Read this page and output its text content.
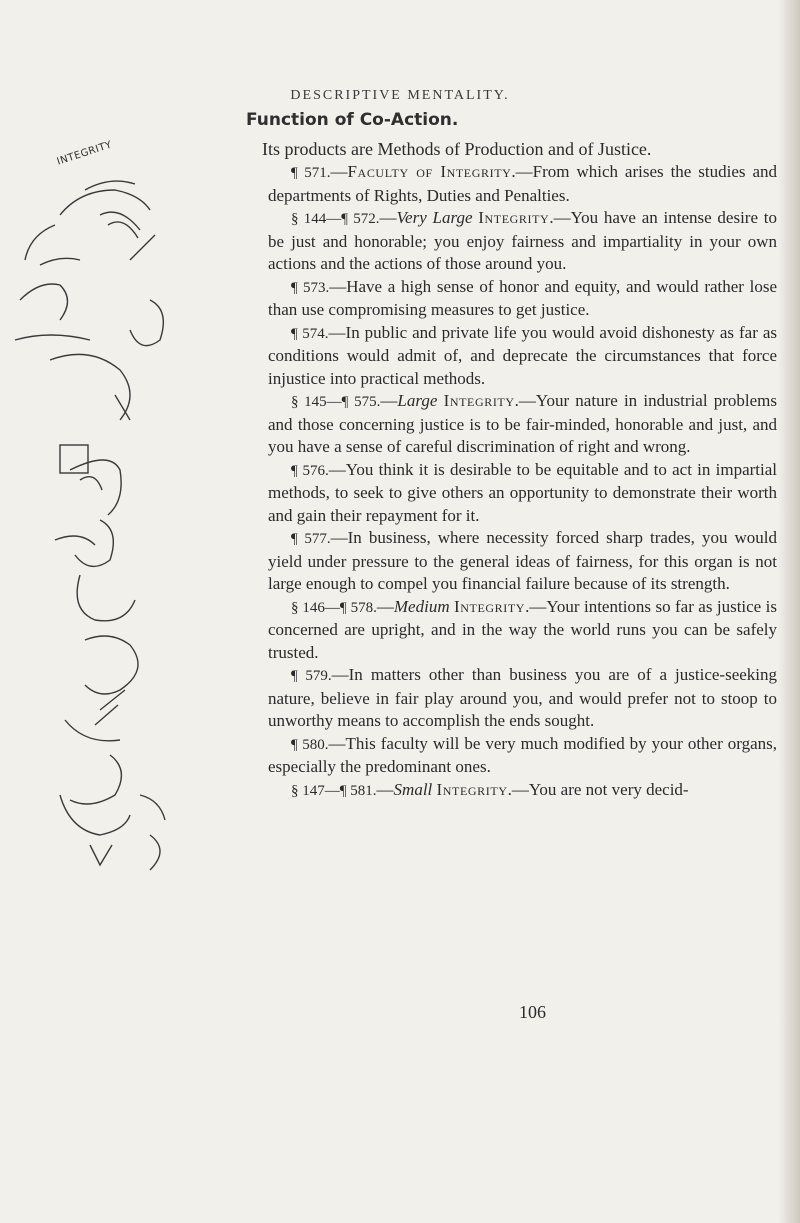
DESCRIPTIVE MENTALITY.
Function of Co-Action.
INTEGRITY	Its products are Methods of Production and of Justice.

¶ 571.—Faculty of Integrity.—From which arises the studies and departments of Rights, Duties and Penalties.

§ 144—¶ 572.—Very Large Integrity.—You have an intense desire to be just and honorable; you enjoy fairness and impartiality in your own actions and the actions of those around you.

¶ 573.—Have a high sense of honor and equity, and would rather lose than use compromising measures to get justice.

¶ 574.—In public and private life you would avoid dishonesty as far as conditions would admit of, and deprecate the circumstances that force injustice into practical methods.

§ 145—¶ 575.—Large Integrity.—Your nature in industrial problems and those concerning justice is to be fair-minded, honorable and just, and you have a sense of careful discrimination of right and wrong.

¶ 576.—You think it is desirable to be equitable and to act in impartial methods, to seek to give others an opportunity to demonstrate their worth and gain their repayment for it.

¶ 577.—In business, where necessity forced sharp trades, you would yield under pressure to the general ideas of fairness, for this organ is not large enough to compel you financial failure because of its strength.

§ 146—¶ 578.—Medium Integrity.—Your intentions so far as justice is concerned are upright, and in the way the world runs you can be safely trusted.

¶ 579.—In matters other than business you are of a justice-seeking nature, believe in fair play around you, and would prefer not to stoop to unworthy means to accomplish the ends sought.

¶ 580.—This faculty will be very much modified by your other organs, especially the predominant ones.

§ 147—¶ 581.—Small Integrity.—You are not very decid-

106
